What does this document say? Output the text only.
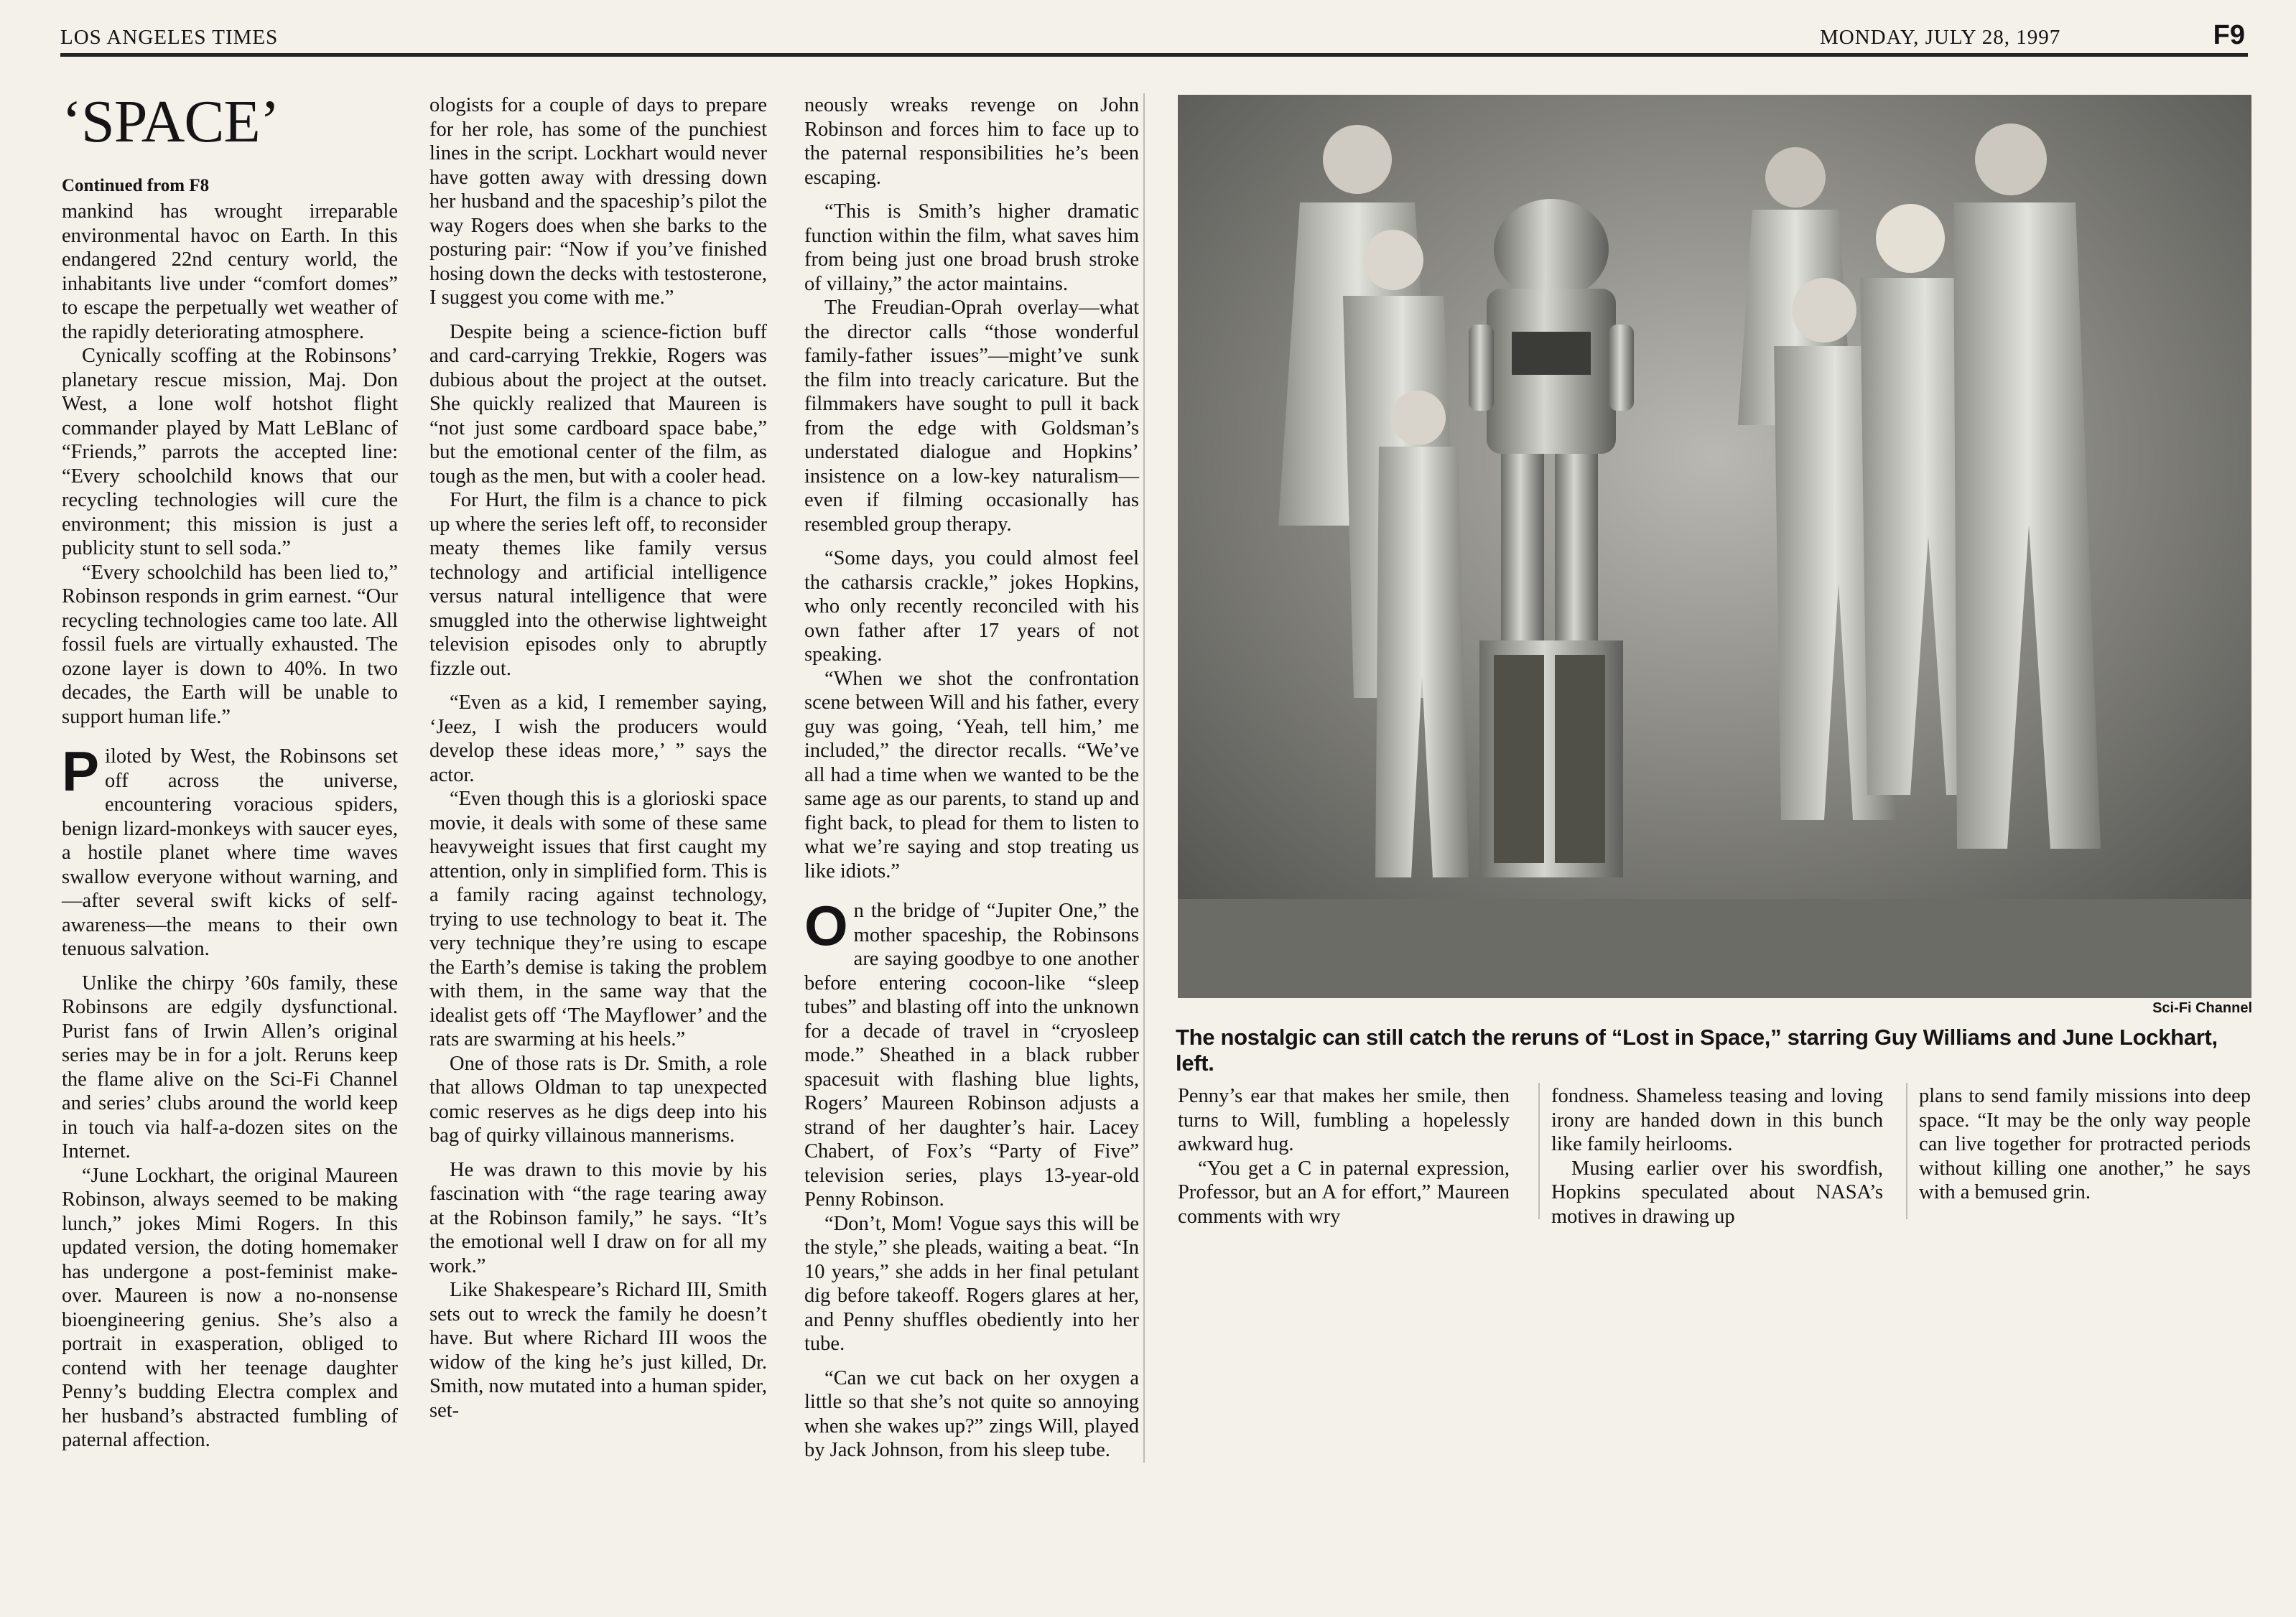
LOS ANGELES TIMES	MONDAY, JULY 28, 1997	F9
‘SPACE’
Continued from F8

mankind has wrought irreparable environmental havoc on Earth. In this endangered 22nd century world, the inhabitants live under “comfort domes” to escape the perpetually wet weather of the rapidly deteriorating atmosphere.

Cynically scoffing at the Robinsons’ planetary rescue mission, Maj. Don West, a lone wolf hotshot flight commander played by Matt LeBlanc of “Friends,” parrots the accepted line: “Every schoolchild knows that our recycling technologies will cure the environment; this mission is just a publicity stunt to sell soda.”

“Every schoolchild has been lied to,” Robinson responds in grim earnest. “Our recycling technologies came too late. All fossil fuels are virtually exhausted. The ozone layer is down to 40%. In two decades, the Earth will be unable to support human life.”

Piloted by West, the Robinsons set off across the universe, encountering voracious spiders, benign lizard-monkeys with saucer eyes, a hostile planet where time waves swallow everyone without warning, and—after several swift kicks of self-awareness—the means to their own tenuous salvation.

Unlike the chirpy ’60s family, these Robinsons are edgily dysfunctional. Purist fans of Irwin Allen’s original series may be in for a jolt. Reruns keep the flame alive on the Sci-Fi Channel and series’ clubs around the world keep in touch via half-a-dozen sites on the Internet.

“June Lockhart, the original Maureen Robinson, always seemed to be making lunch,” jokes Mimi Rogers. In this updated version, the doting homemaker has undergone a post-feminist make-over. Maureen is now a no-nonsense bioengineering genius. She’s also a portrait in exasperation, obliged to contend with her teenage daughter Penny’s budding Electra complex and her husband’s abstracted fumbling of paternal affection.

ologists for a couple of days to prepare for her role, has some of the punchiest lines in the script. Lockhart would never have gotten away with dressing down her husband and the spaceship’s pilot the way Rogers does when she barks to the posturing pair: “Now if you’ve finished hosing down the decks with testosterone, I suggest you come with me.”

Despite being a science-fiction buff and card-carrying Trekkie, Rogers was dubious about the project at the outset. She quickly realized that Maureen is “not just some cardboard space babe,” but the emotional center of the film, as tough as the men, but with a cooler head.

For Hurt, the film is a chance to pick up where the series left off, to reconsider meaty themes like family versus technology and artificial intelligence versus natural intelligence that were smuggled into the otherwise lightweight television episodes only to abruptly fizzle out.

“Even as a kid, I remember saying, ‘Jeez, I wish the producers would develop these ideas more,’ ” says the actor.

“Even though this is a glorioski space movie, it deals with some of these same heavyweight issues that first caught my attention, only in simplified form. This is a family racing against technology, trying to use technology to beat it. The very technique they’re using to escape the Earth’s demise is taking the problem with them, in the same way that the idealist gets off ‘The Mayflower’ and the rats are swarming at his heels.”

One of those rats is Dr. Smith, a role that allows Oldman to tap unexpected comic reserves as he digs deep into his bag of quirky villainous mannerisms.

He was drawn to this movie by his fascination with “the rage tearing away at the Robinson family,” he says. “It’s the emotional well I draw on for all my work.”

Like Shakespeare’s Richard III, Smith sets out to wreck the family he doesn’t have. But where Richard III woos the widow of the king he’s just killed, Dr. Smith, now mutated into a human spider, set-

neously wreaks revenge on John Robinson and forces him to face up to the paternal responsibilities he’s been escaping.

“This is Smith’s higher dramatic function within the film, what saves him from being just one broad brush stroke of villainy,” the actor maintains.

The Freudian-Oprah overlay—what the director calls “those wonderful family-father issues”—might’ve sunk the film into treacly caricature. But the filmmakers have sought to pull it back from the edge with Goldsman’s understated dialogue and Hopkins’ insistence on a low-key naturalism—even if filming occasionally has resembled group therapy.

“Some days, you could almost feel the catharsis crackle,” jokes Hopkins, who only recently reconciled with his own father after 17 years of not speaking.

“When we shot the confrontation scene between Will and his father, every guy was going, ‘Yeah, tell him,’ me included,” the director recalls. “We’ve all had a time when we wanted to be the same age as our parents, to stand up and fight back, to plead for them to listen to what we’re saying and stop treating us like idiots.”

On the bridge of “Jupiter One,” the mother spaceship, the Robinsons are saying goodbye to one another before entering cocoon-like “sleep tubes” and blasting off into the unknown for a decade of travel in “cryosleep mode.” Sheathed in a black rubber spacesuit with flashing blue lights, Rogers’ Maureen Robinson adjusts a strand of her daughter’s hair. Lacey Chabert, of Fox’s “Party of Five” television series, plays 13-year-old Penny Robinson.

“Don’t, Mom! Vogue says this will be the style,” she pleads, waiting a beat. “In 10 years,” she adds in her final petulant dig before takeoff. Rogers glares at her, and Penny shuffles obediently into her tube.

“Can we cut back on her oxygen a little so that she’s not quite so annoying when she wakes up?” zings Will, played by Jack Johnson, from his sleep tube.

Sci-Fi Channel
The nostalgic can still catch the reruns of “Lost in Space,” starring Guy Williams and June Lockhart, left.

Penny’s ear that makes her smile, then turns to Will, fumbling a hopelessly awkward hug.

“You get a C in paternal expression, Professor, but an A for effort,” Maureen comments with wry

fondness. Shameless teasing and loving irony are handed down in this bunch like family heirlooms.

Musing earlier over his swordfish, Hopkins speculated about NASA’s motives in drawing up

plans to send family missions into deep space. “It may be the only way people can live together for protracted periods without killing one another,” he says with a bemused grin.
